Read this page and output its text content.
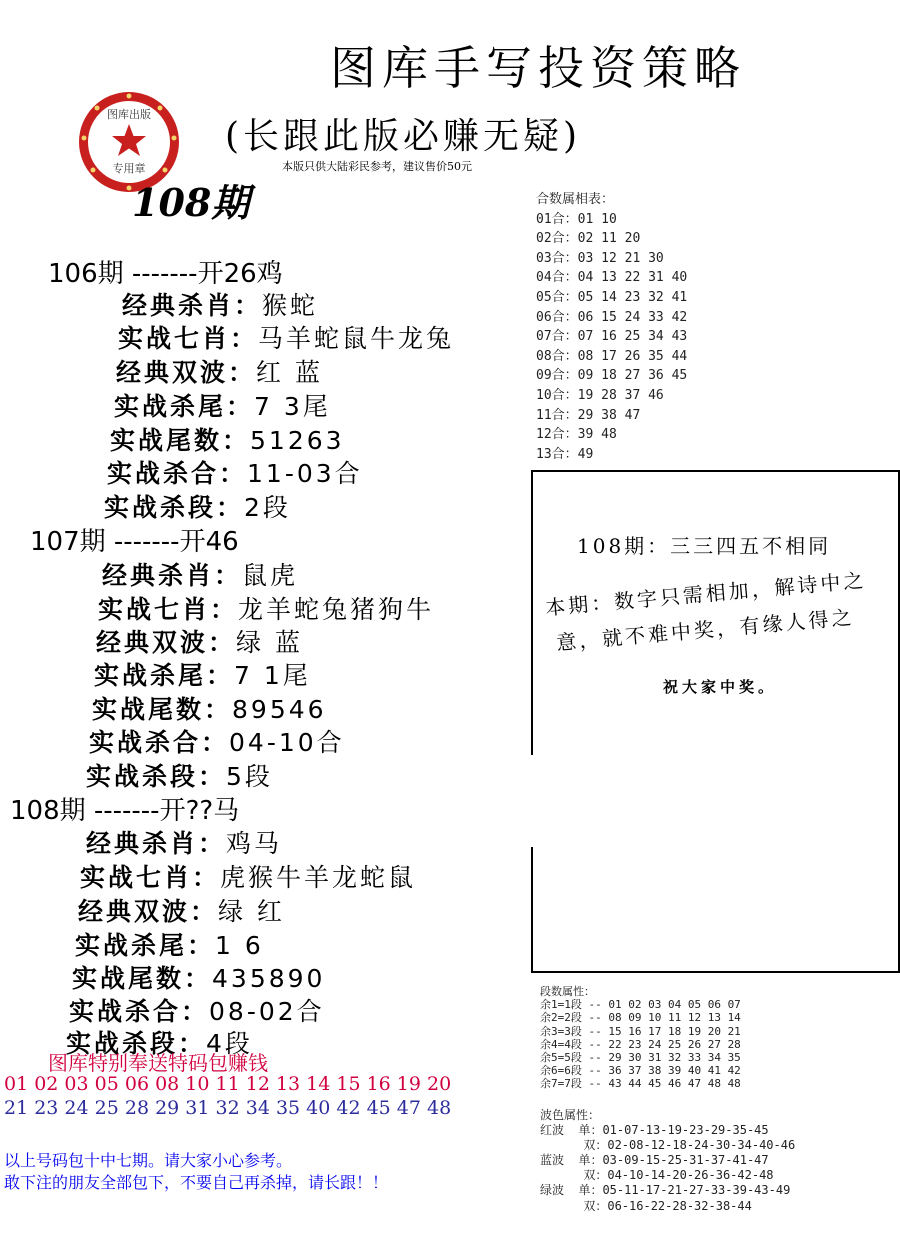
图库手写投资策略
(长跟此版必赚无疑)
本版只供大陆彩民参考，建议售价50元
图库出版
专用章
108期
106期 -------开26鸡
经典杀肖：猴蛇
实战七肖：马羊蛇鼠牛龙兔
经典双波：红 蓝
实战杀尾：7 3尾
实战尾数：51263
实战杀合：11-03合
实战杀段：2段
107期 -------开46
经典杀肖：鼠虎
实战七肖：龙羊蛇兔猪狗牛
经典双波：绿 蓝
实战杀尾：7 1尾
实战尾数：89546
实战杀合：04-10合
实战杀段：5段
108期 -------开??马
经典杀肖：鸡马
实战七肖：虎猴牛羊龙蛇鼠
经典双波：绿 红
实战杀尾：1 6
实战尾数：435890
实战杀合：08-02合
实战杀段：4段
合数属相表：
01合：01 10
02合：02 11 20
03合：03 12 21 30
04合：04 13 22 31 40
05合：05 14 23 32 41
06合：06 15 24 33 42
07合：07 16 25 34 43
08合：08 17 26 35 44
09合：09 18 27 36 45
10合：19 28 37 46
11合：29 38 47
12合：39 48
13合：49
108期：三三四五不相同
本期：数字只需相加，解诗中之
意，就不难中奖，有缘人得之
祝大家中奖。
图库特别奉送特码包赚钱
01 02 03 05 06 08 10 11 12 13 14 15 16 19 20
21 23 24 25 28 29 31 32 34 35 40 42 45 47 48
以上号码包十中七期。请大家小心参考。
敢下注的朋友全部包下，不要自己再杀掉，请长跟！！
段数属性：
余1=1段 -- 01 02 03 04 05 06 07
余2=2段 -- 08 09 10 11 12 13 14
余3=3段 -- 15 16 17 18 19 20 21
余4=4段 -- 22 23 24 25 26 27 28
余5=5段 -- 29 30 31 32 33 34 35
余6=6段 -- 36 37 38 39 40 41 42
余7=7段 -- 43 44 45 46 47 48 48
波色属性：
红波  单：01-07-13-19-23-29-35-45
双：02-08-12-18-24-30-34-40-46
蓝波  单：03-09-15-25-31-37-41-47
双：04-10-14-20-26-36-42-48
绿波  单：05-11-17-21-27-33-39-43-49
双：06-16-22-28-32-38-44
